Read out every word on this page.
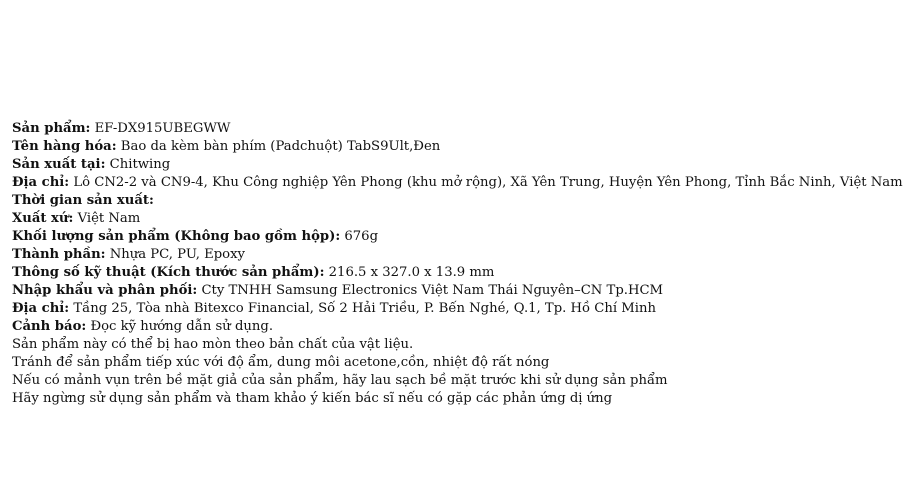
Sản phẩm: EF-DX915UBEGWW
Tên hàng hóa: Bao da kèm bàn phím (Padchuột) TabS9Ult,Đen
Sản xuất tại: Chitwing
Địa chỉ: Lô CN2-2 và CN9-4, Khu Công nghiệp Yên Phong (khu mở rộng), Xã Yên Trung, Huyện Yên Phong, Tỉnh Bắc Ninh, Việt Nam
Thời gian sản xuất:
Xuất xứ: Việt Nam
Khối lượng sản phẩm (Không bao gồm hộp): 676g
Thành phần: Nhựa PC, PU, Epoxy
Thông số kỹ thuật (Kích thước sản phẩm): 216.5 x 327.0 x 13.9 mm
Nhập khẩu và phân phối: Cty TNHH Samsung Electronics Việt Nam Thái Nguyên–CN Tp.HCM
Địa chỉ: Tầng 25, Tòa nhà Bitexco Financial, Số 2 Hải Triều, P. Bến Nghé, Q.1, Tp. Hồ Chí Minh
Cảnh báo: Đọc kỹ hướng dẫn sử dụng.
Sản phẩm này có thể bị hao mòn theo bản chất của vật liệu.
Tránh để sản phẩm tiếp xúc với độ ẩm, dung môi acetone,cồn, nhiệt độ rất nóng
Nếu có mảnh vụn trên bề mặt giả của sản phẩm, hãy lau sạch bề mặt trước khi sử dụng sản phẩm
Hãy ngừng sử dụng sản phẩm và tham khảo ý kiến bác sĩ nếu có gặp các phản ứng dị ứng
